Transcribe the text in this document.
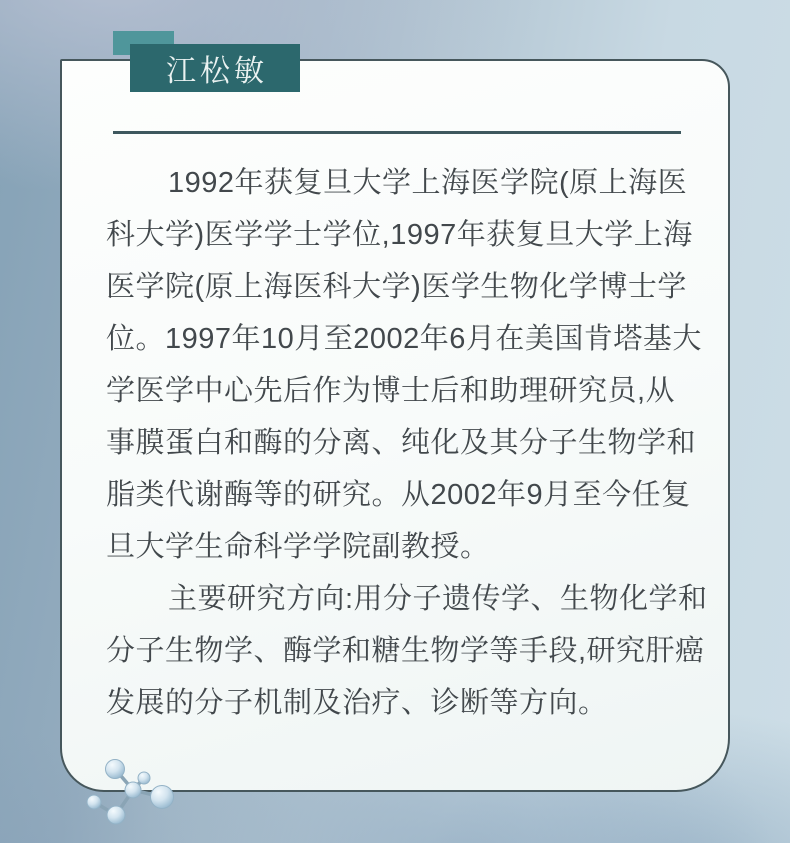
江松敏
1992年获复旦大学上海医学院(原上海医
科大学)医学学士学位,1997年获复旦大学上海
医学院(原上海医科大学)医学生物化学博士学
位。1997年10月至2002年6月在美国肯塔基大
学医学中心先后作为博士后和助理研究员,从
事膜蛋白和酶的分离、纯化及其分子生物学和
脂类代谢酶等的研究。从2002年9月至今任复
旦大学生命科学学院副教授。
主要研究方向:用分子遗传学、生物化学和
分子生物学、酶学和糖生物学等手段,研究肝癌
发展的分子机制及治疗、诊断等方向。
